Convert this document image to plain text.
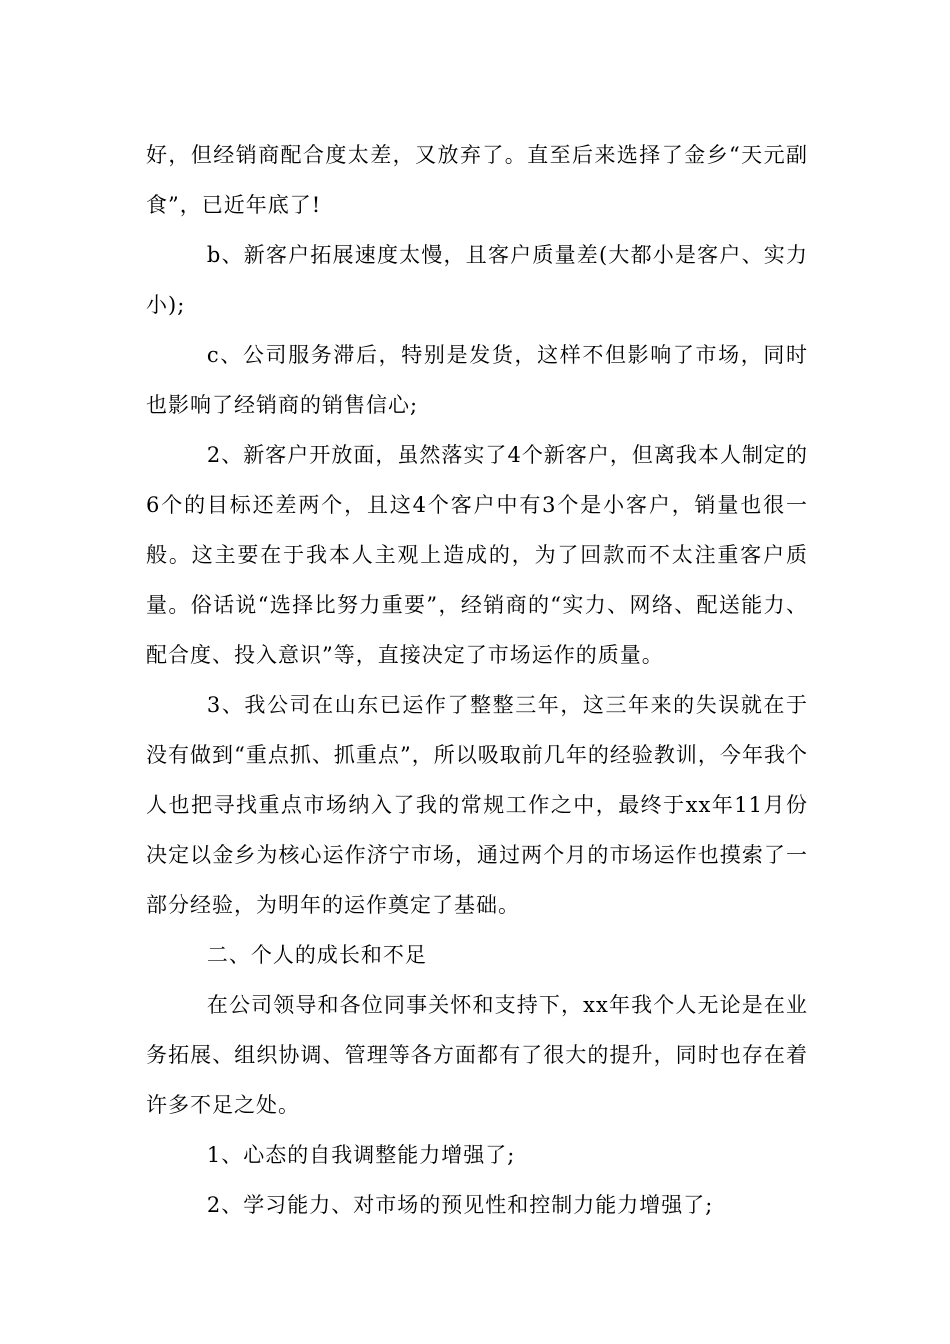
好，但经销商配合度太差，又放弃了。直至后来选择了金乡“天元副食”，已近年底了!

b、新客户拓展速度太慢，且客户质量差(大都小是客户、实力小);

c、公司服务滞后，特别是发货，这样不但影响了市场，同时也影响了经销商的销售信心;

2、新客户开放面，虽然落实了4个新客户，但离我本人制定的6个的目标还差两个，且这4个客户中有3个是小客户，销量也很一般。这主要在于我本人主观上造成的，为了回款而不太注重客户质量。俗话说“选择比努力重要”，经销商的“实力、网络、配送能力、配合度、投入意识”等，直接决定了市场运作的质量。

3、我公司在山东已运作了整整三年，这三年来的失误就在于没有做到“重点抓、抓重点”，所以吸取前几年的经验教训，今年我个人也把寻找重点市场纳入了我的常规工作之中，最终于xx年11月份决定以金乡为核心运作济宁市场，通过两个月的市场运作也摸索了一部分经验，为明年的运作奠定了基础。

二、个人的成长和不足

在公司领导和各位同事关怀和支持下，xx年我个人无论是在业务拓展、组织协调、管理等各方面都有了很大的提升，同时也存在着许多不足之处。

1、心态的自我调整能力增强了;

2、学习能力、对市场的预见性和控制力能力增强了;
